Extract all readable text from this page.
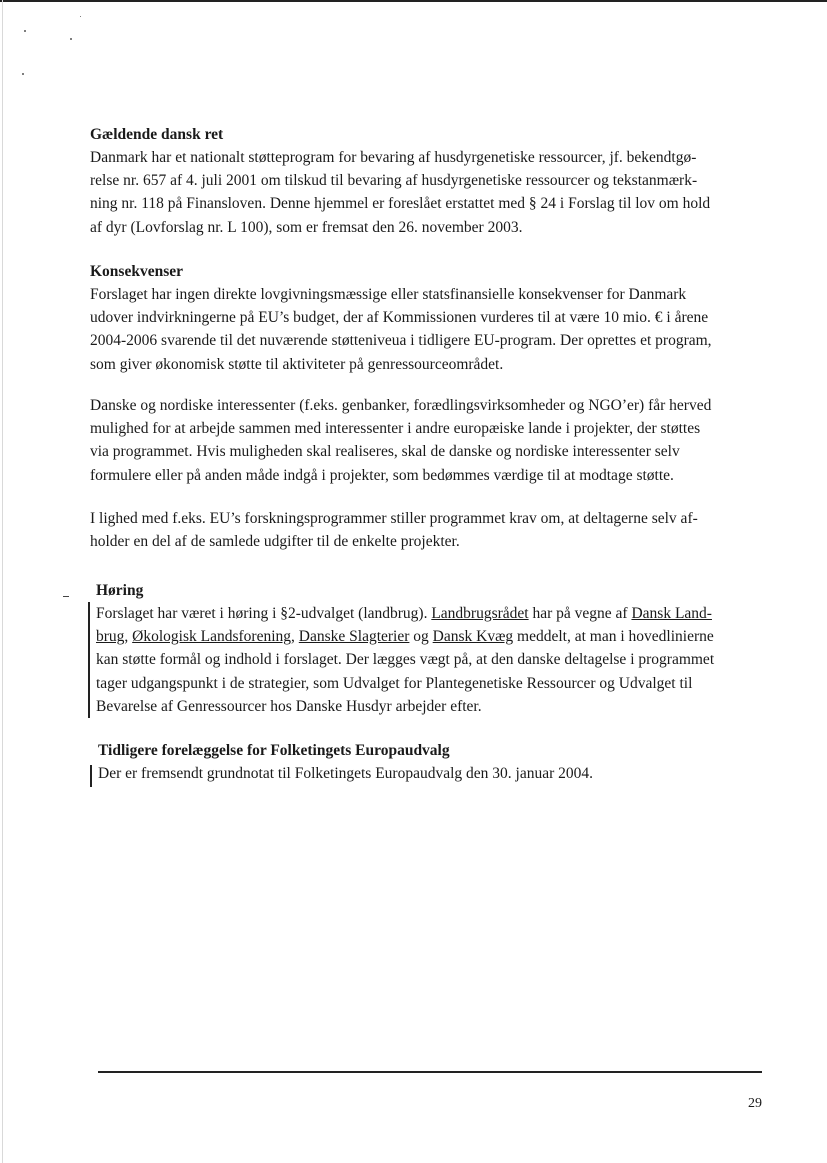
Gældende dansk ret

Danmark har et nationalt støtteprogram for bevaring af husdyrgenetiske ressourcer, jf. bekendtgø-
relse nr. 657 af 4. juli 2001 om tilskud til bevaring af husdyrgenetiske ressourcer og tekstanmærk-
ning nr. 118 på Finansloven. Denne hjemmel er foreslået erstattet med § 24 i Forslag til lov om hold
af dyr (Lovforslag nr. L 100), som er fremsat den 26. november 2003.

Konsekvenser

Forslaget har ingen direkte lovgivningsmæssige eller statsfinansielle konsekvenser for Danmark
udover indvirkningerne på EU’s budget, der af Kommissionen vurderes til at være 10 mio. € i årene
2004-2006 svarende til det nuværende støtteniveua i tidligere EU-program. Der oprettes et program,
som giver økonomisk støtte til aktiviteter på genressourceområdet.

Danske og nordiske interessenter (f.eks. genbanker, forædlingsvirksomheder og NGO’er) får herved
mulighed for at arbejde sammen med interessenter i andre europæiske lande i projekter, der støttes
via programmet. Hvis muligheden skal realiseres, skal de danske og nordiske interessenter selv
formulere eller på anden måde indgå i projekter, som bedømmes værdige til at modtage støtte.

I lighed med f.eks. EU’s forskningsprogrammer stiller programmet krav om, at deltagerne selv af-
holder en del af de samlede udgifter til de enkelte projekter.

Høring

Forslaget har været i høring i §2-udvalget (landbrug). Landbrugsrådet har på vegne af Dansk Land-
brug, Økologisk Landsforening, Danske Slagterier og Dansk Kvæg meddelt, at man i hovedlinierne
kan støtte formål og indhold i forslaget. Der lægges vægt på, at den danske deltagelse i programmet
tager udgangspunkt i de strategier, som Udvalget for Plantegenetiske Ressourcer og Udvalget til
Bevarelse af Genressourcer hos Danske Husdyr arbejder efter.

Tidligere forelæggelse for Folketingets Europaudvalg

Der er fremsendt grundnotat til Folketingets Europaudvalg den 30. januar 2004.

29
